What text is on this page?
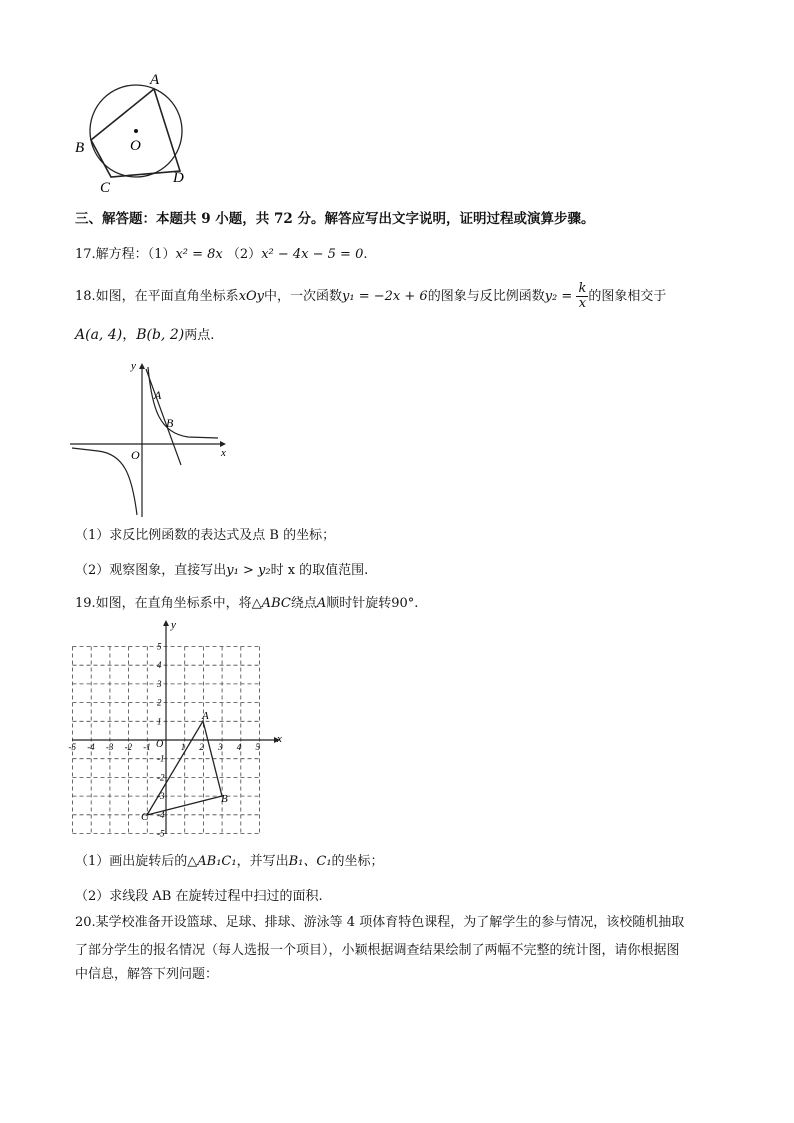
A
B
C
D
O
三、解答题：本题共 9 小题，共 72 分。解答应写出文字说明，证明过程或演算步骤。
17.解方程：（1）x² = 8x （2）x² − 4x − 5 = 0.
18.如图，在平面直角坐标系xOy中，一次函数y₁ = −2x + 6的图象与反比例函数$y_2 = \frac{k}{x}$ 的图象相交于
A(a, 4)，B(b, 2)两点.
y
x
O
A
B
（1）求反比例函数的表达式及点 B 的坐标；
（2）观察图象，直接写出y₁ > y₂时 x 的取值范围.
19.如图，在直角坐标系中，将△ABC绕点A顺时针旋转90°.
-5 -4 -3 -2 -1	1 2 3 4 5
5
4
3
2
1
-1
-2
-3
-4
-5
x
y
O
A
B
C
（1）画出旋转后的△AB₁C₁，并写出B₁、C₁的坐标；
（2）求线段 AB 在旋转过程中扫过的面积.
20.某学校准备开设篮球、足球、排球、游泳等 4 项体育特色课程，为了解学生的参与情况，该校随机抽取
了部分学生的报名情况（每人选报一个项目），小颖根据调查结果绘制了两幅不完整的统计图，请你根据图
中信息，解答下列问题：
